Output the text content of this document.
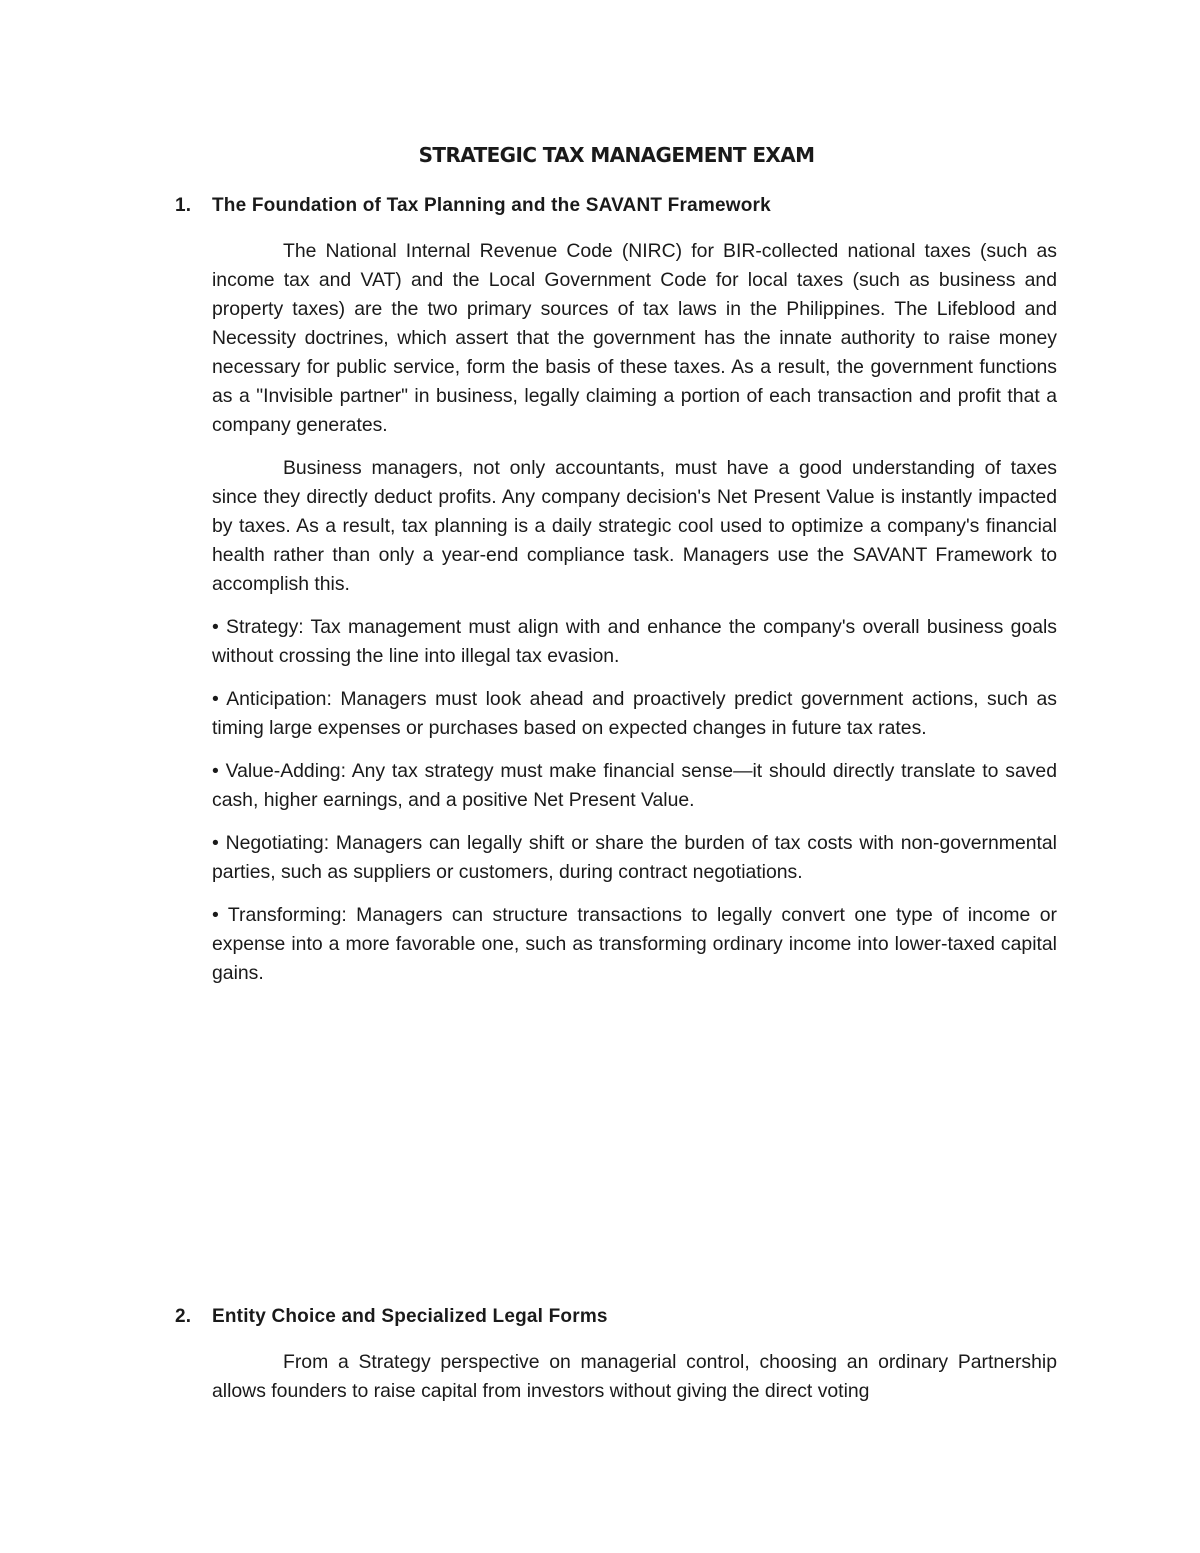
STRATEGIC TAX MANAGEMENT EXAM
1. The Foundation of Tax Planning and the SAVANT Framework

The National Internal Revenue Code (NIRC) for BIR-collected national taxes (such as income tax and VAT) and the Local Government Code for local taxes (such as business and property taxes) are the two primary sources of tax laws in the Philippines. The Lifeblood and Necessity doctrines, which assert that the government has the innate authority to raise money necessary for public service, form the basis of these taxes. As a result, the government functions as a "Invisible partner" in business, legally claiming a portion of each transaction and profit that a company generates.

Business managers, not only accountants, must have a good understanding of taxes since they directly deduct profits. Any company decision's Net Present Value is instantly impacted by taxes. As a result, tax planning is a daily strategic cool used to optimize a company's financial health rather than only a year-end compliance task. Managers use the SAVANT Framework to accomplish this.

• Strategy: Tax management must align with and enhance the company's overall business goals without crossing the line into illegal tax evasion.

• Anticipation: Managers must look ahead and proactively predict government actions, such as timing large expenses or purchases based on expected changes in future tax rates.

• Value-Adding: Any tax strategy must make financial sense—it should directly translate to saved cash, higher earnings, and a positive Net Present Value.

• Negotiating: Managers can legally shift or share the burden of tax costs with non-governmental parties, such as suppliers or customers, during contract negotiations.

• Transforming: Managers can structure transactions to legally convert one type of income or expense into a more favorable one, such as transforming ordinary income into lower-taxed capital gains.

2. Entity Choice and Specialized Legal Forms

From a Strategy perspective on managerial control, choosing an ordinary Partnership allows founders to raise capital from investors without giving the direct voting
